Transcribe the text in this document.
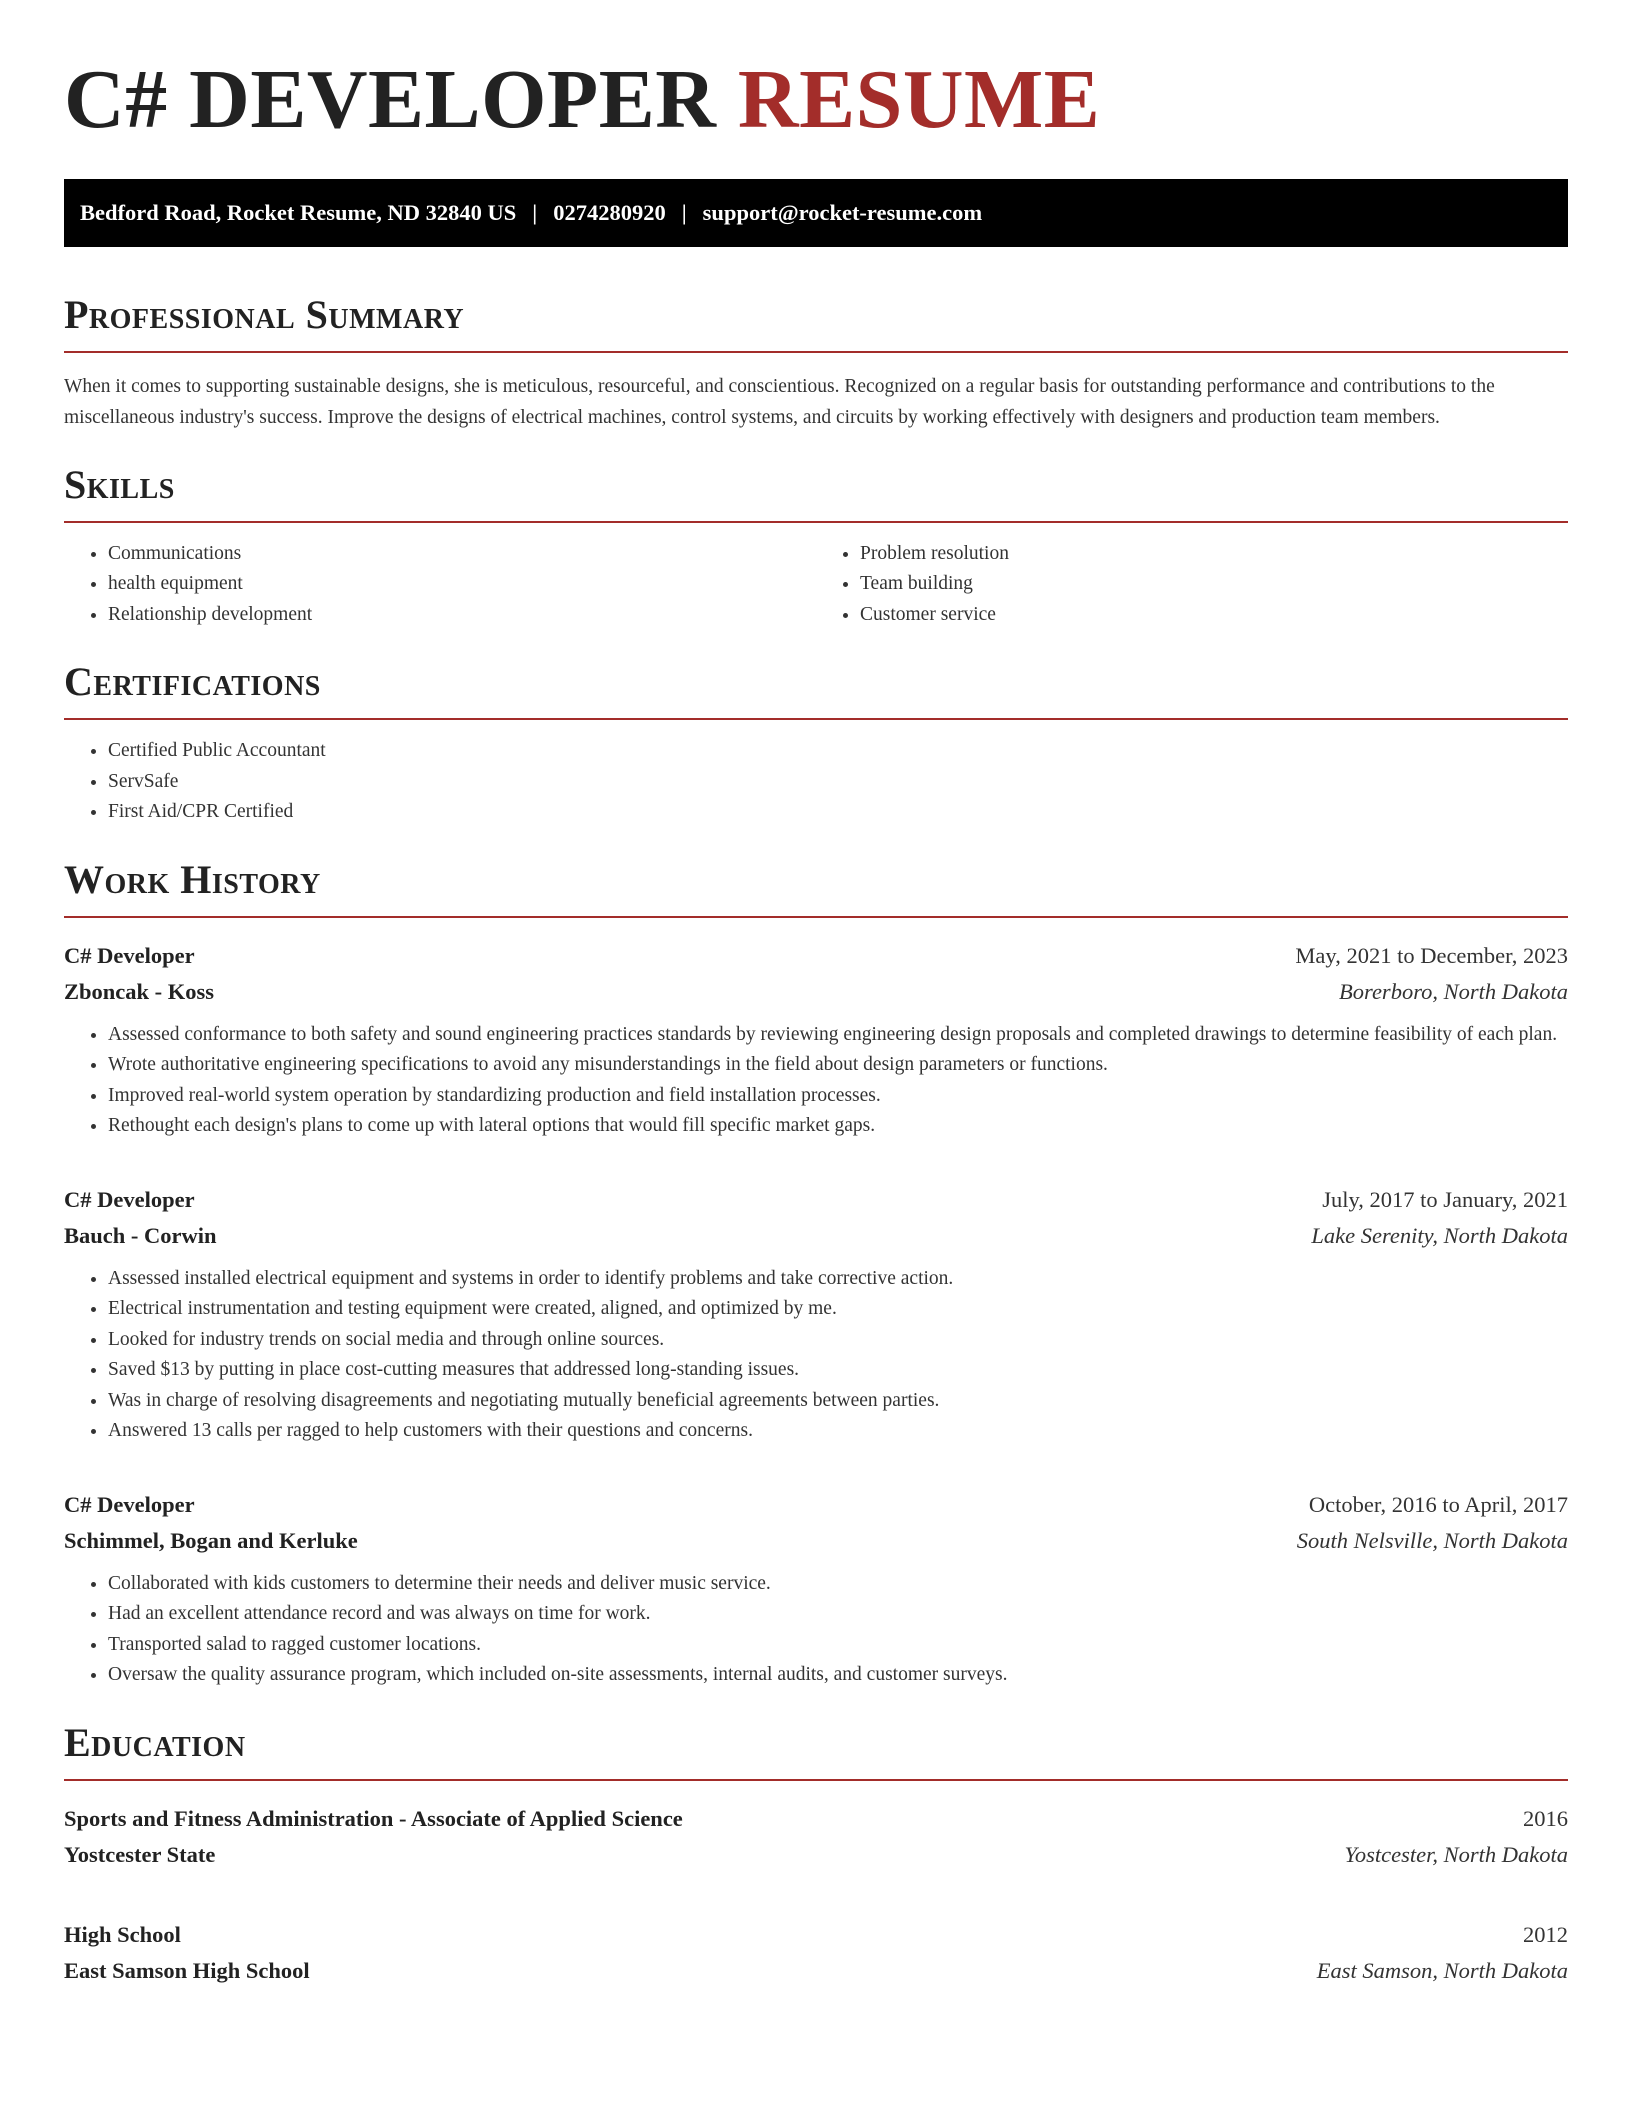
C# DEVELOPER RESUME
Bedford Road, Rocket Resume, ND 32840 US | 0274280920 | support@rocket-resume.com
Professional Summary

When it comes to supporting sustainable designs, she is meticulous, resourceful, and conscientious. Recognized on a regular basis for outstanding performance and contributions to the miscellaneous industry's success. Improve the designs of electrical machines, control systems, and circuits by working effectively with designers and production team members.

Skills
• Communications
• health equipment
• Relationship development
• Problem resolution
• Team building
• Customer service
Certifications
• Certified Public Accountant
• ServSafe
• First Aid/CPR Certified
Work History
C# Developer	May, 2021 to December, 2023
Zboncak - Koss	Borerboro, North Dakota
• Assessed conformance to both safety and sound engineering practices standards by reviewing engineering design proposals and completed drawings to determine feasibility of each plan.
• Wrote authoritative engineering specifications to avoid any misunderstandings in the field about design parameters or functions.
• Improved real-world system operation by standardizing production and field installation processes.
• Rethought each design's plans to come up with lateral options that would fill specific market gaps.
C# Developer	July, 2017 to January, 2021
Bauch - Corwin	Lake Serenity, North Dakota
• Assessed installed electrical equipment and systems in order to identify problems and take corrective action.
• Electrical instrumentation and testing equipment were created, aligned, and optimized by me.
• Looked for industry trends on social media and through online sources.
• Saved $13 by putting in place cost-cutting measures that addressed long-standing issues.
• Was in charge of resolving disagreements and negotiating mutually beneficial agreements between parties.
• Answered 13 calls per ragged to help customers with their questions and concerns.
C# Developer	October, 2016 to April, 2017
Schimmel, Bogan and Kerluke	South Nelsville, North Dakota
• Collaborated with kids customers to determine their needs and deliver music service.
• Had an excellent attendance record and was always on time for work.
• Transported salad to ragged customer locations.
• Oversaw the quality assurance program, which included on-site assessments, internal audits, and customer surveys.
Education
Sports and Fitness Administration - Associate of Applied Science	2016
Yostcester State	Yostcester, North Dakota
High School	2012
East Samson High School	East Samson, North Dakota
